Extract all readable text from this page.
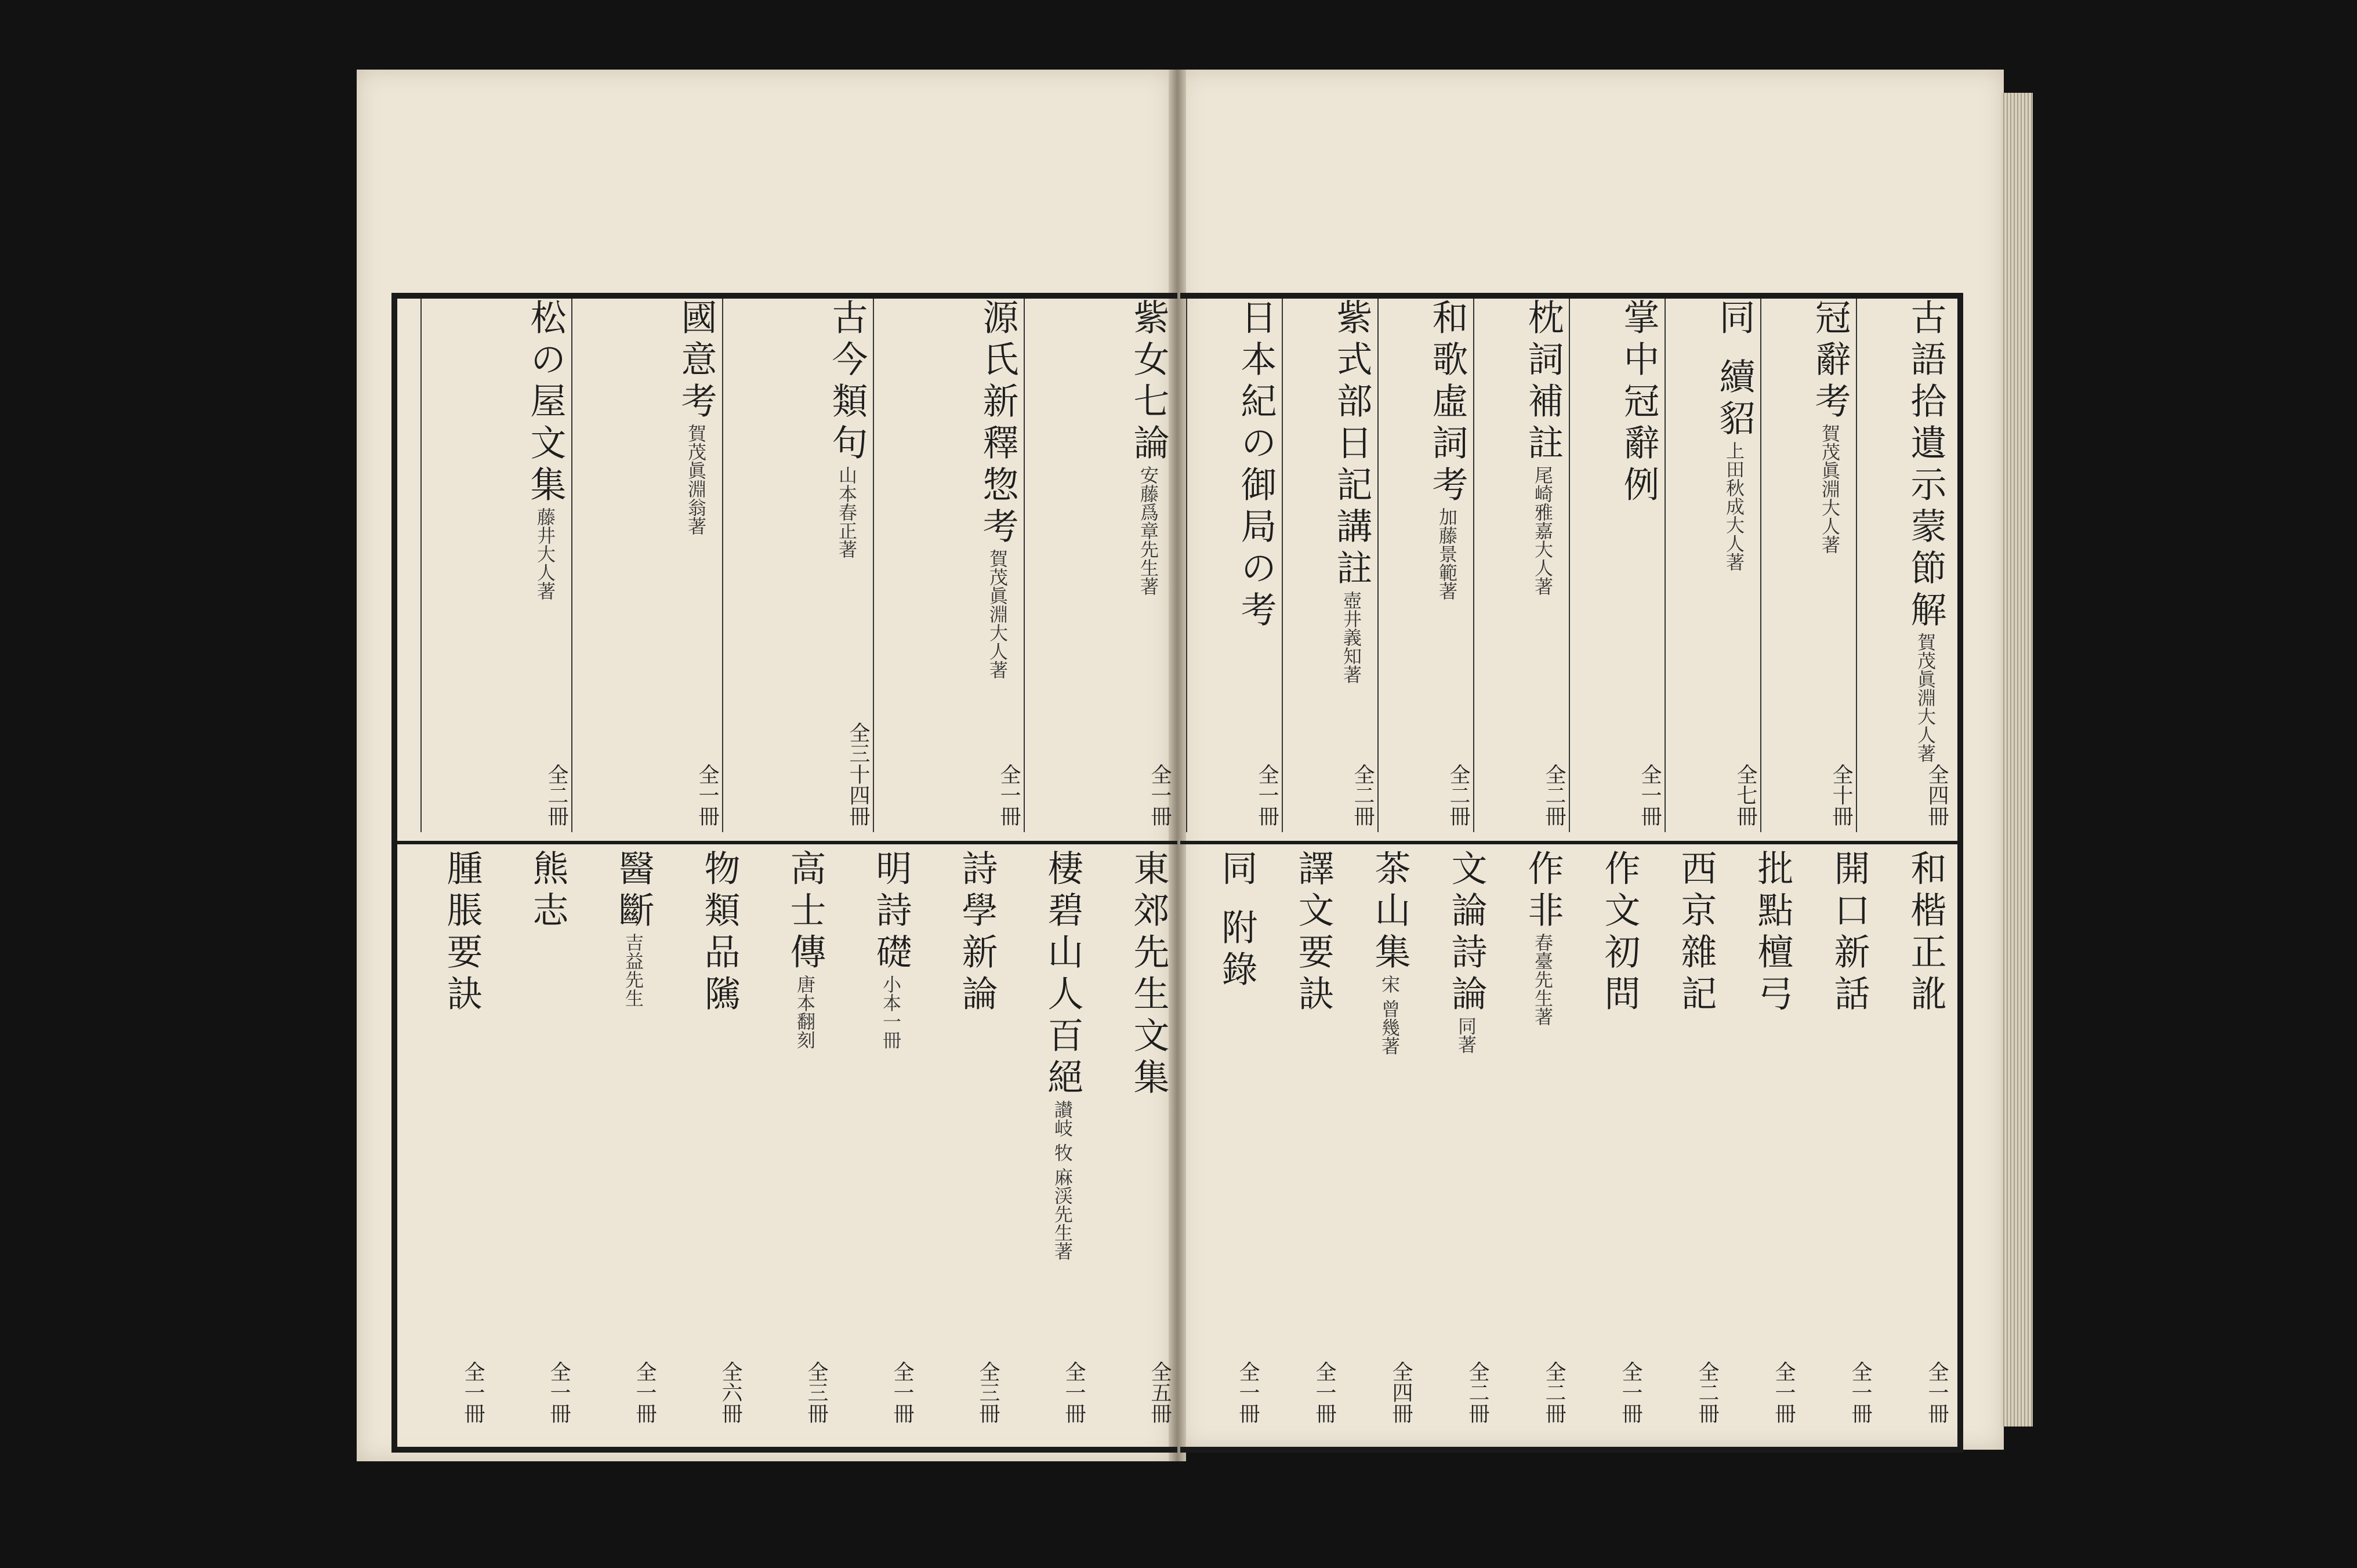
紫女七論安藤爲章先生著
全一冊
源氏新釋惣考賀茂眞淵大人著
全一冊
古今類句山本春正著
全三十四冊
國意考賀茂眞淵翁著
全一冊
松の屋文集藤井大人著
全二冊
東郊先生文集
全五冊
棲碧山人百絕讃岐 牧 麻渓先生著
全一冊
詩學新論
全三冊
明詩礎小本一冊
全一冊
高士傳唐本翻刻
全三冊
物類品隲
全六冊
醫斷吉益先生
全一冊
熊志
全一冊
腫脹要訣
全一冊
古語拾遺示蒙節解賀茂眞淵大人著
全四冊
冠辭考賀茂眞淵大人著
全十冊
同 續貂上田秋成大人著
全七冊
掌中冠辭例
全一冊
枕詞補註尾崎雅嘉大人著
全二冊
和歌虛詞考加藤景範著
全二冊
紫式部日記講註壺井義知著
全二冊
日本紀の御局の考
全一冊
和楷正訛
全一冊
開口新話
全一冊
批點檀弓
全一冊
西京雜記
全二冊
作文初問
全一冊
作非春臺先生著
全二冊
文論詩論同著
全二冊
茶山集宋 曾幾著
全四冊
譯文要訣
全一冊
同 附錄
全一冊
